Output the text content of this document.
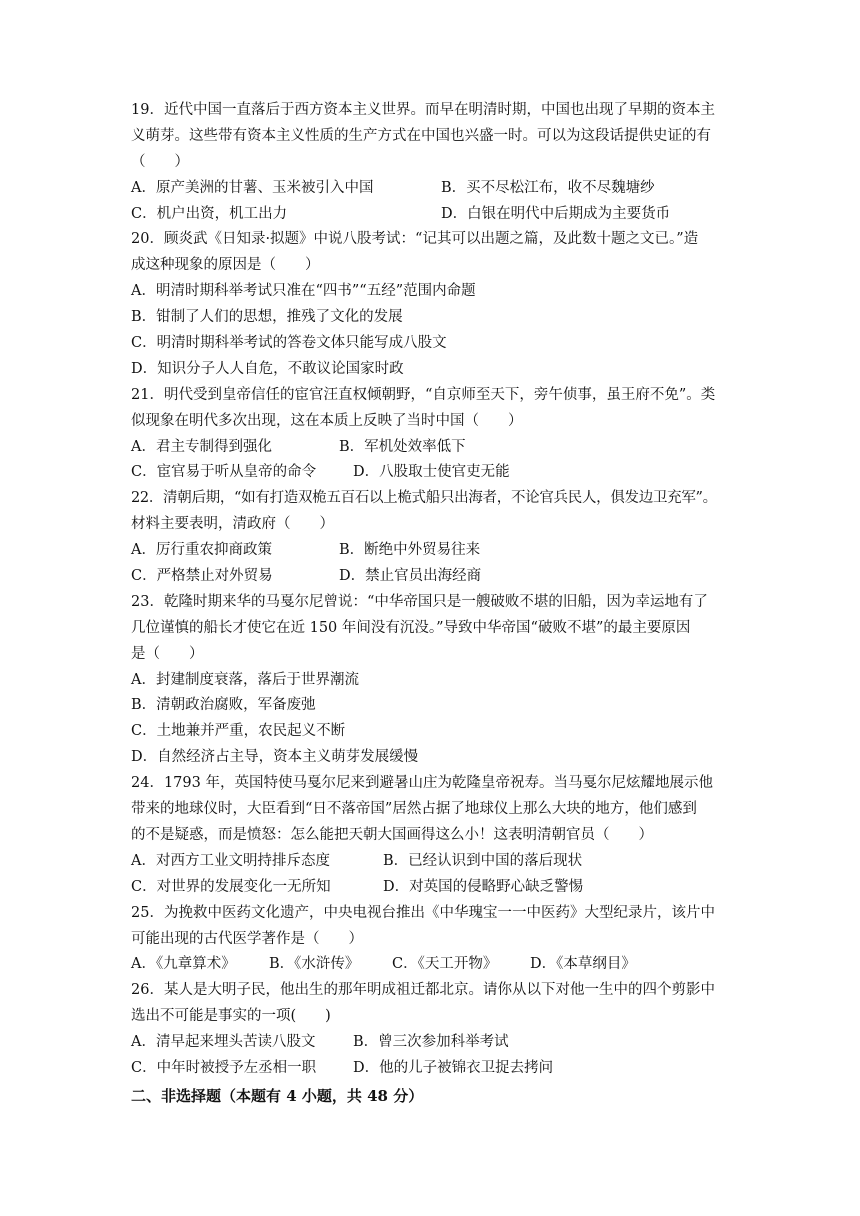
19．近代中国一直落后于西方资本主义世界。而早在明清时期，中国也出现了早期的资本主
义萌芽。这些带有资本主义性质的生产方式在中国也兴盛一时。可以为这段话提供史证的有
（　　）
A．原产美洲的甘薯、玉米被引入中国	B．买不尽松江布，收不尽魏塘纱
C．机户出资，机工出力	D．白银在明代中后期成为主要货币
20．顾炎武《日知录·拟题》中说八股考试：“记其可以出题之篇，及此数十题之文已。”造
成这种现象的原因是（　　）
A．明清时期科举考试只准在“四书”“五经”范围内命题
B．钳制了人们的思想，推残了文化的发展
C．明清时期科举考试的答卷文体只能写成八股文
D．知识分子人人自危，不敢议论国家时政
21．明代受到皇帝信任的宦官汪直权倾朝野，“自京师至天下，旁午侦事，虽王府不免”。类
似现象在明代多次出现，这在本质上反映了当时中国（　　）
A．君主专制得到强化	B．军机处效率低下
C．宦官易于听从皇帝的命令	D．八股取士使官吏无能
22．清朝后期，“如有打造双桅五百石以上桅式船只出海者，不论官兵民人，俱发边卫充军”。
材料主要表明，清政府（　　）
A．厉行重农抑商政策	B．断绝中外贸易往来
C．严格禁止对外贸易	D．禁止官员出海经商
23．乾隆时期来华的马戛尔尼曾说：“中华帝国只是一艘破败不堪的旧船，因为幸运地有了
几位谨慎的船长才使它在近 150 年间没有沉没。”导致中华帝国“破败不堪”的最主要原因
是（　　）
A．封建制度衰落，落后于世界潮流
B．清朝政治腐败，军备废弛
C．土地兼并严重，农民起义不断
D．自然经济占主导，资本主义萌芽发展缓慢
24．1793 年，英国特使马戛尔尼来到避暑山庄为乾隆皇帝祝寿。当马戛尔尼炫耀地展示他
带来的地球仪时，大臣看到“日不落帝国”居然占据了地球仪上那么大块的地方，他们感到
的不是疑惑，而是愤怒：怎么能把天朝大国画得这么小！这表明清朝官员（　　）
A．对西方工业文明持排斥态度	B．已经认识到中国的落后现状
C．对世界的发展变化一无所知	D．对英国的侵略野心缺乏警惕
25．为挽救中医药文化遗产，中央电视台推出《中华瑰宝一一中医药》大型纪录片，该片中
可能出现的古代医学著作是（　　）
A．《九章算术》	B．《水浒传》	C．《天工开物》	D．《本草纲目》
26．某人是大明子民，他出生的那年明成祖迁都北京。请你从以下对他一生中的四个剪影中
选出不可能是事实的一项(　　)
A．清早起来埋头苦读八股文	B．曾三次参加科举考试
C．中年时被授予左丞相一职	D．他的儿子被锦衣卫捉去拷问
二、非选择题（本题有 4 小题，共 48 分）
